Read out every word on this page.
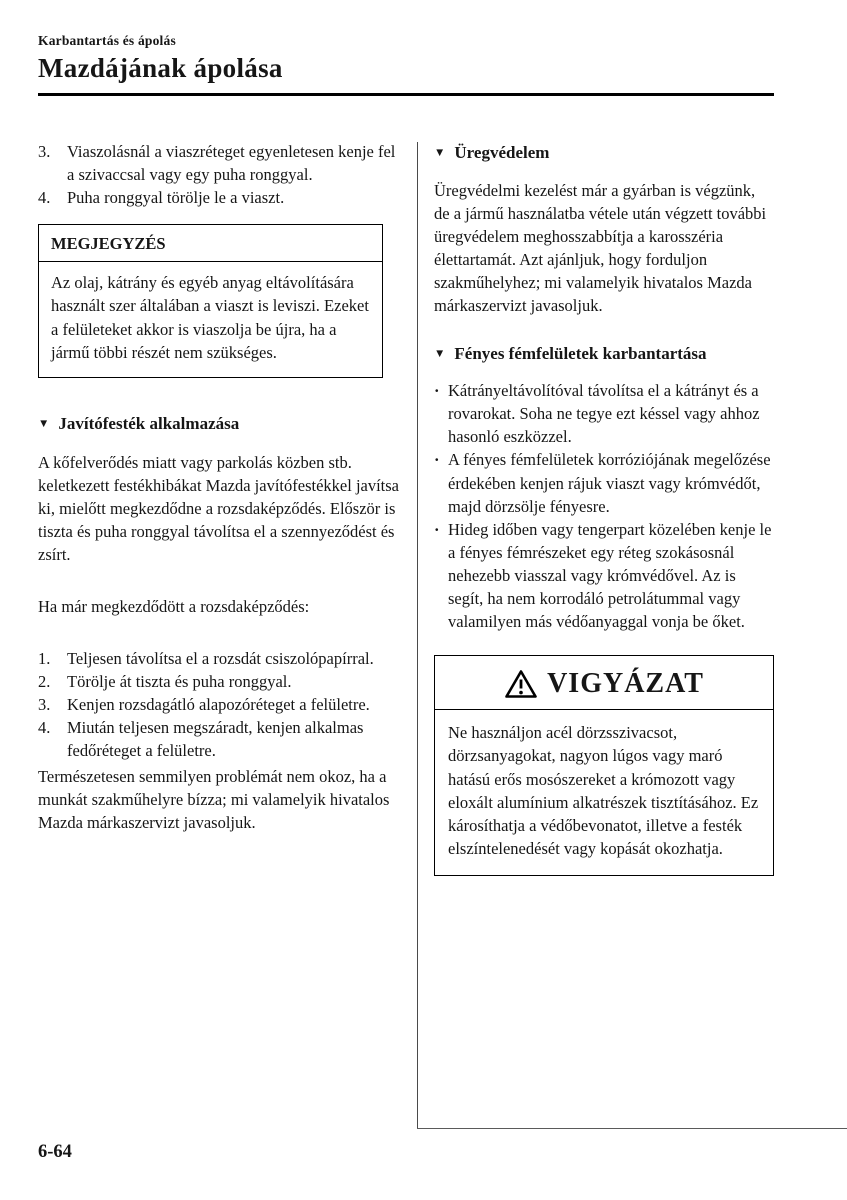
Karbantartás és ápolás
Mazdájának ápolása
3.	Viaszolásnál a viaszréteget egyenletesen kenje fel a szivaccsal vagy egy puha ronggyal.
4.	Puha ronggyal törölje le a viaszt.
MEGJEGYZÉS
Az olaj, kátrány és egyéb anyag eltávolítására használt szer általában a viaszt is leviszi. Ezeket a felületeket akkor is viaszolja be újra, ha a jármű többi részét nem szükséges.
▼ Javítófesték alkalmazása

A kőfelverődés miatt vagy parkolás közben stb. keletkezett festékhibákat Mazda javítófestékkel javítsa ki, mielőtt megkezdődne a rozsdaképződés. Először is tiszta és puha ronggyal távolítsa el a szennyeződést és zsírt.

Ha már megkezdődött a rozsdaképződés:

1.	Teljesen távolítsa el a rozsdát csiszolópapírral.
2.	Törölje át tiszta és puha ronggyal.
3.	Kenjen rozsdagátló alapozóréteget a felületre.
4.	Miután teljesen megszáradt, kenjen alkalmas fedőréteget a felületre.

Természetesen semmilyen problémát nem okoz, ha a munkát szakműhelyre bízza; mi valamelyik hivatalos Mazda márkaszervizt javasoljuk.

▼ Üregvédelem

Üregvédelmi kezelést már a gyárban is végzünk, de a jármű használatba vétele után végzett további üregvédelem meghosszabbítja a karosszéria élettartamát. Azt ajánljuk, hogy forduljon szakműhelyhez; mi valamelyik hivatalos Mazda márkaszervizt javasoljuk.

▼ Fényes fémfelületek karbantartása
· Kátrányeltávolítóval távolítsa el a kátrányt és a rovarokat. Soha ne tegye ezt késsel vagy ahhoz hasonló eszközzel.
· A fényes fémfelületek korróziójának megelőzése érdekében kenjen rájuk viaszt vagy krómvédőt, majd dörzsölje fényesre.
· Hideg időben vagy tengerpart közelében kenje le a fényes fémrészeket egy réteg szokásosnál nehezebb viasszal vagy krómvédővel. Az is segít, ha nem korrodáló petrolátummal vagy valamilyen más védőanyaggal vonja be őket.
VIGYÁZAT
Ne használjon acél dörzsszivacsot, dörzsanyagokat, nagyon lúgos vagy maró hatású erős mosószereket a krómozott vagy eloxált alumínium alkatrészek tisztításához. Ez károsíthatja a védőbevonatot, illetve a festék elszíntelenedését vagy kopását okozhatja.
6-64
